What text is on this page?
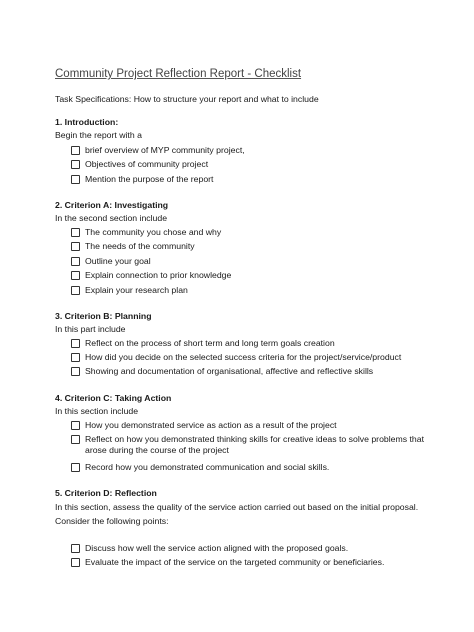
Community Project Reflection Report - Checklist
Task Specifications: How to structure your report and what to include
1. Introduction:
Begin the report with a
brief overview of MYP community project,
Objectives of community project
Mention the purpose of the report
2. Criterion A: Investigating
In the second section include
The community you chose and why
The needs of the community
Outline your goal
Explain connection to prior knowledge
Explain your research plan
3. Criterion B: Planning
In this part include
Reflect on the process of short term and long term goals creation
How did you decide on the selected success criteria for the project/service/product
Showing and documentation of organisational, affective and reflective skills
4. Criterion C: Taking Action
In this section include
How you demonstrated service as action as a result of the project
Reflect on how you demonstrated thinking skills for creative ideas to solve problems that arose during the course of the project
Record how you demonstrated communication and social skills.
5. Criterion D: Reflection
In this section, assess the quality of the service action carried out based on the initial proposal.
Consider the following points:
Discuss how well the service action aligned with the proposed goals.
Evaluate the impact of the service on the targeted community or beneficiaries.
